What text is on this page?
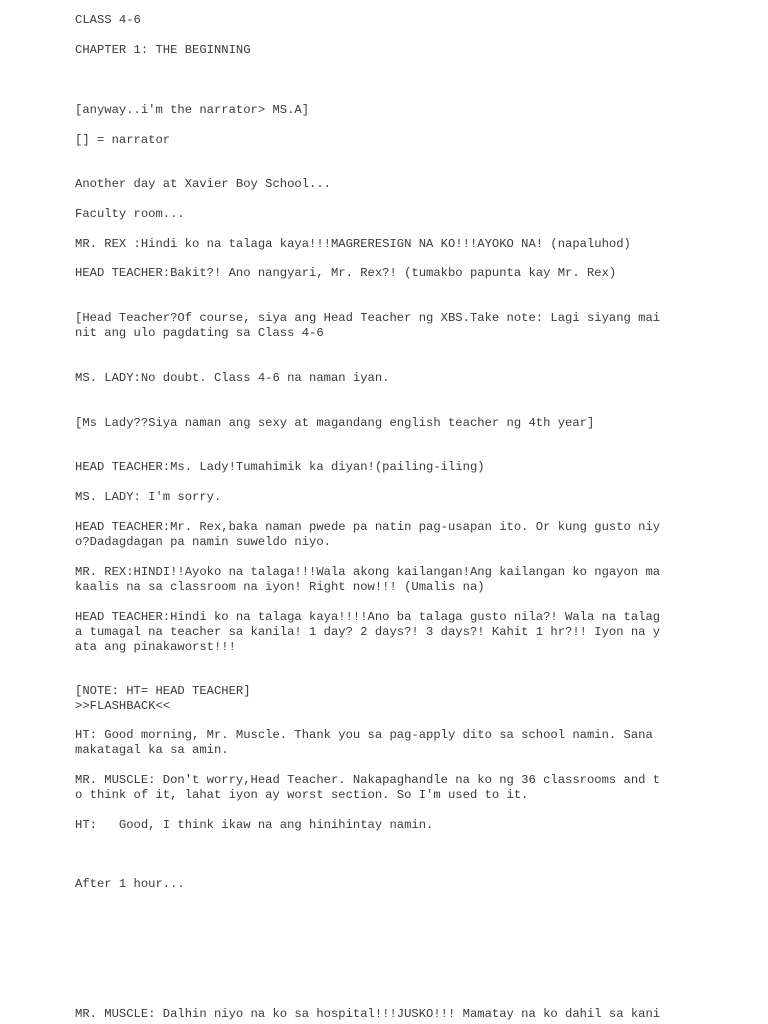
CLASS 4-6

CHAPTER 1: THE BEGINNING

[anyway..i'm the narrator> MS.A]

[] = narrator

Another day at Xavier Boy School...

Faculty room...

MR. REX :Hindi ko na talaga kaya!!!MAGRERESIGN NA KO!!!AYOKO NA! (napaluhod)

HEAD TEACHER:Bakit?! Ano nangyari, Mr. Rex?! (tumakbo papunta kay Mr. Rex)

[Head Teacher?Of course, siya ang Head Teacher ng XBS.Take note: Lagi siyang mai

nit ang ulo pagdating sa Class 4-6

MS. LADY:No doubt. Class 4-6 na naman iyan.

[Ms Lady??Siya naman ang sexy at magandang english teacher ng 4th year]

HEAD TEACHER:Ms. Lady!Tumahimik ka diyan!(pailing-iling)

MS. LADY: I'm sorry.

HEAD TEACHER:Mr. Rex,baka naman pwede pa natin pag-usapan ito. Or kung gusto niy

o?Dadagdagan pa namin suweldo niyo.

MR. REX:HINDI!!Ayoko na talaga!!!Wala akong kailangan!Ang kailangan ko ngayon ma

kaalis na sa classroom na iyon! Right now!!! (Umalis na)

HEAD TEACHER:Hindi ko na talaga kaya!!!!Ano ba talaga gusto nila?! Wala na talag

a tumagal na teacher sa kanila! 1 day? 2 days?! 3 days?! Kahit 1 hr?!! Iyon na y

ata ang pinakaworst!!!

[NOTE: HT= HEAD TEACHER]

>>FLASHBACK<<

HT: Good morning, Mr. Muscle. Thank you sa pag-apply dito sa school namin. Sana

makatagal ka sa amin.

MR. MUSCLE: Don't worry,Head Teacher. Nakapaghandle na ko ng 36 classrooms and t

o think of it, lahat iyon ay worst section. So I'm used to it.

HT:   Good, I think ikaw na ang hinihintay namin.

After 1 hour...

MR. MUSCLE: Dalhin niyo na ko sa hospital!!!JUSKO!!! Mamatay na ko dahil sa kani
